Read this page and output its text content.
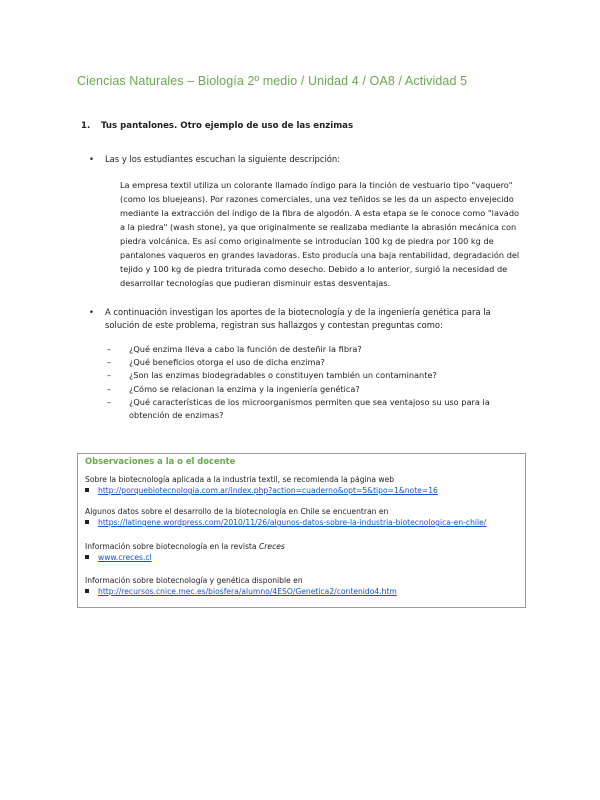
Ciencias Naturales – Biología 2º medio / Unidad 4 / OA8 / Actividad 5
1. Tus pantalones. Otro ejemplo de uso de las enzimas
• Las y los estudiantes escuchan la siguiente descripción:
La empresa textil utiliza un colorante llamado índigo para la tinción de vestuario tipo "vaquero" (como los bluejeans). Por razones comerciales, una vez teñidos se les da un aspecto envejecido mediante la extracción del índigo de la fibra de algodón. A esta etapa se le conoce como "lavado a la piedra" (wash stone), ya que originalmente se realizaba mediante la abrasión mecánica con piedra volcánica. Es así como originalmente se introducían 100 kg de piedra por 100 kg de pantalones vaqueros en grandes lavadoras. Esto producía una baja rentabilidad, degradación del tejido y 100 kg de piedra triturada como desecho. Debido a lo anterior, surgió la necesidad de desarrollar tecnologías que pudieran disminuir estas desventajas.
• A continuación investigan los aportes de la biotecnología y de la ingeniería genética para la solución de este problema, registran sus hallazgos y contestan preguntas como:
– ¿Qué enzima lleva a cabo la función de desteñir la fibra?
– ¿Qué beneficios otorga el uso de dicha enzima?
– ¿Son las enzimas biodegradables o constituyen también un contaminante?
– ¿Cómo se relacionan la enzima y la ingeniería genética?
– ¿Qué características de los microorganismos permiten que sea ventajoso su uso para la obtención de enzimas?
Observaciones a la o el docente
Sobre la biotecnología aplicada a la industria textil, se recomienda la página web
http://porquebiotecnologia.com.ar/index.php?action=cuaderno&opt=5&tipo=1&note=16
Algunos datos sobre el desarrollo de la biotecnología en Chile se encuentran en
https://latingene.wordpress.com/2010/11/26/algunos-datos-sobre-la-industria-biotecnologica-en-chile/
Información sobre biotecnología en la revista Creces
www.creces.cl
Información sobre biotecnología y genética disponible en
http://recursos.cnice.mec.es/biosfera/alumno/4ESO/Genetica2/contenido4.htm
